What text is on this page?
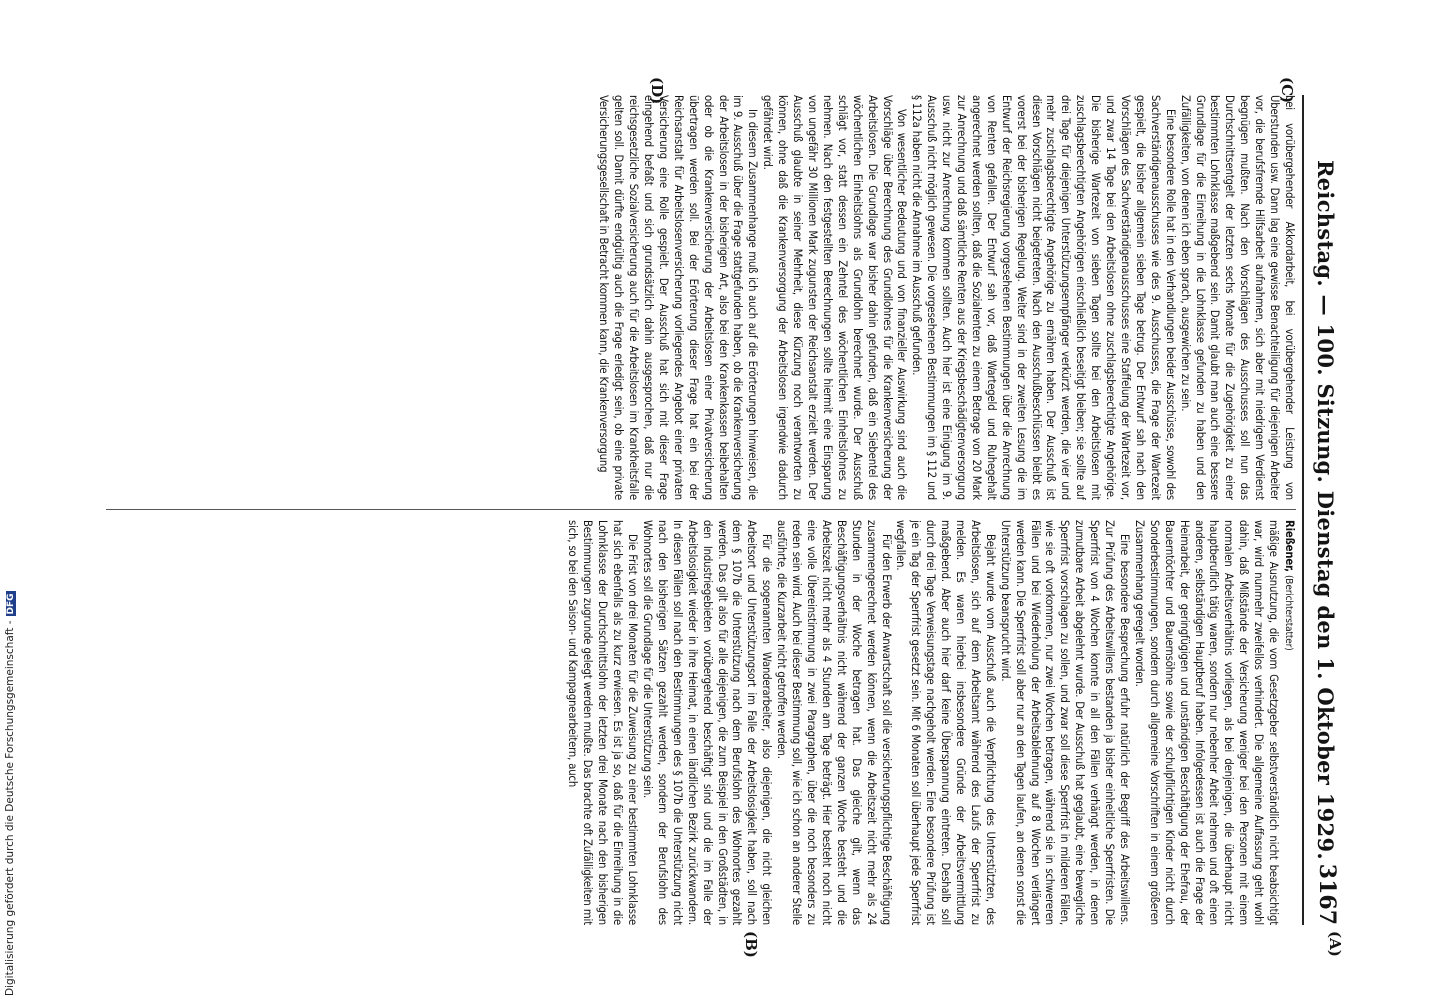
Reichstag. — 100. Sitzung. Dienstag den 1. Oktober 1929.
3167
(C)
(D)
(A)
(B)

bei vorübergehender Akkordarbeit, bei vorübergehender Leistung von Überstunden usw. Dann lag eine gewisse Benachteiligung für diejenigen Arbeiter vor, die berufsfremde Hilfsarbeit aufnahmen, sich aber mit niedrigem Verdienst begnügen mußten. Nach den Vorschlägen des Ausschusses soll nun das Durchschnittsentgelt der letzten sechs Monate für die Zugehörigkeit zu einer bestimmten Lohnklasse maßgebend sein. Damit glaubt man auch eine bessere Grundlage für die Einreihung in die Lohnklasse gefunden zu haben und den Zufälligkeiten, von denen ich eben sprach, ausgewichen zu sein.

Eine besondere Rolle hat in den Verhandlungen beider Ausschüsse, sowohl des Sachverständigenausschusses wie des 9. Ausschusses, die Frage der Wartezeit gespielt, die bisher allgemein sieben Tage betrug. Der Entwurf sah nach den Vorschlägen des Sachverständigenausschusses eine Staffelung der Wartezeit vor, und zwar 14 Tage bei den Arbeitslosen ohne zuschlagsberechtigte Angehörige. Die bisherige Wartezeit von sieben Tagen sollte bei den Arbeitslosen mit zuschlagsberechtigten Angehörigen einschließlich beseitigt bleiben; sie sollte auf drei Tage für diejenigen Unterstützungsempfänger verkürzt werden, die vier und mehr zuschlagsberechtigte Angehörige zu ernähren haben. Der Ausschuß ist diesen Vorschlägen nicht beigetreten. Nach den Ausschußbeschlüssen bleibt es vorerst bei der bisherigen Regelung. Weiter sind in der zweiten Lesung die im Entwurf der Reichsregierung vorgesehenen Bestimmungen über die Anrechnung von Renten gefallen. Der Entwurf sah vor, daß Wartegeld und Ruhegehalt angerechnet werden sollten, daß die Sozialrenten zu einem Betrage von 20 Mark zur Anrechnung und daß sämtliche Renten aus der Kriegsbeschädigtenversorgung usw. nicht zur Anrechnung kommen sollten. Auch hier ist eine Einigung im 9. Ausschuß nicht möglich gewesen. Die vorgesehenen Bestimmungen im § 112 und § 112a haben nicht die Annahme im Ausschuß gefunden.

Von wesentlicher Bedeutung und von finanzieller Auswirkung sind auch die Vorschläge über Berechnung des Grundlohnes für die Krankenversicherung der Arbeitslosen. Die Grundlage war bisher dahin gefunden, daß ein Siebentel des wöchentlichen Einheitslohns als Grundlohn berechnet wurde. Der Ausschuß schlägt vor, statt dessen ein Zehntel des wöchentlichen Einheitslohnes zu nehmen. Nach den festgestellten Berechnungen sollte hiermit eine Einsparung von ungefähr 30 Millionen Mark zugunsten der Reichsanstalt erzielt werden. Der Ausschuß glaubte in seiner Mehrheit, diese Kürzung noch verantworten zu können, ohne daß die Krankenversorgung der Arbeitslosen irgendwie dadurch gefährdet wird.

In diesem Zusammenhange muß ich auch auf die Erörterungen hinweisen, die im 9. Ausschuß über die Frage stattgefunden haben, ob die Krankenversicherung der Arbeitslosen in der bisherigen Art, also bei den Krankenkassen beibehalten oder ob die Krankenversicherung der Arbeitslosen einer Privatversicherung übertragen werden soll. Bei der Erörterung dieser Frage hat ein bei der Reichsanstalt für Arbeitslosenversicherung vorliegendes Angebot einer privaten Versicherung eine Rolle gespielt. Der Ausschuß hat sich mit dieser Frage eingehend befaßt und sich grundsätzlich dahin ausgesprochen, daß nur die reichsgesetzliche Sozialversicherung auch für die Arbeitslosen im Krankheitsfalle gelten soll. Damit dürfte endgültig auch die Frage erledigt sein, ob eine private Versicherungsgesellschaft in Betracht kommen kann, die Krankenversorgung

Rießener, (Berichterstatter)

mäßige Ausnutzung, die vom Gesetzgeber selbstverständlich nicht beabsichtigt war, wird nunmehr zweifellos verhindert. Die allgemeine Auffassung geht wohl dahin, daß Mißstände der Versicherung weniger bei den Personen mit einem normalen Arbeitsverhältnis vorliegen, als bei denjenigen, die überhaupt nicht hauptberuflich tätig waren, sondern nur nebenher Arbeit nehmen und oft einen anderen, selbständigen Hauptberuf haben. Infolgedessen ist auch die Frage der Heimarbeit, der geringfügigen und unständigen Beschäftigung der Ehefrau, der Bauerntöchter und Bauernsöhne sowie der schulpflichtigen Kinder nicht durch Sonderbestimmungen, sondern durch allgemeine Vorschriften in einem größeren Zusammenhang geregelt worden.

Eine besondere Besprechung erfuhr natürlich der Begriff des Arbeitswillens. Zur Prüfung des Arbeitswillens bestanden ja bisher einheitliche Sperrfristen. Die Sperrfrist von 4 Wochen konnte in all den Fällen verhängt werden, in denen zumutbare Arbeit abgelehnt wurde. Der Ausschuß hat geglaubt, eine bewegliche Sperrfrist vorschlagen zu sollen, und zwar soll diese Sperrfrist in milderen Fällen, wie sie oft vorkommen, nur zwei Wochen betragen, während sie in schwereren Fällen und bei Wiederholung der Arbeitsablehnung auf 8 Wochen verlängert werden kann. Die Sperrfrist soll aber nur an den Tagen laufen, an denen sonst die Unterstützung beansprucht wird.

Bejaht wurde vom Ausschuß auch die Verpflichtung des Unterstützten, des Arbeitslosen, sich auf dem Arbeitsamt während des Laufs der Sperrfrist zu melden. Es waren hierbei insbesondere Gründe der Arbeitsvermittlung maßgebend. Aber auch hier darf keine Überspannung eintreten. Deshalb soll durch drei Tage Verweisungstage nachgeholt werden. Eine besondere Prüfung ist je ein Tag der Sperrfrist gesetzt sein. Mit 6 Monaten soll überhaupt jede Sperrfrist wegfallen.

Für den Erwerb der Anwartschaft soll die versicherungspflichtige Beschäftigung zusammengerechnet werden können, wenn die Arbeitszeit nicht mehr als 24 Stunden in der Woche betragen hat. Das gleiche gilt, wenn das Beschäftigungsverhältnis nicht während der ganzen Woche besteht und die Arbeitszeit nicht mehr als 4 Stunden am Tage beträgt. Hier besteht noch nicht eine volle Übereinstimmung in zwei Paragraphen, über die noch besonders zu reden sein wird. Auch bei dieser Bestimmung soll, wie ich schon an anderer Stelle ausführte, die Kurzarbeit nicht getroffen werden.

Für die sogenannten Wanderarbeiter, also diejenigen, die nicht gleichen Arbeitsort und Unterstützungsort im Falle der Arbeitslosigkeit haben, soll nach dem § 107b die Unterstützung nach dem Berufslohn des Wohnortes gezahlt werden. Das gilt also für alle diejenigen, die zum Beispiel in den Großstädten, in den Industriegebieten vorübergehend beschäftigt sind und die im Falle der Arbeitslosigkeit wieder in ihre Heimat, in einen ländlichen Bezirk zurückwandern. In diesen Fällen soll nach den Bestimmungen des § 107b die Unterstützung nicht nach den bisherigen Sätzen gezahlt werden, sondern der Berufslohn des Wohnortes soll die Grundlage für die Unterstützung sein.

Die Frist von drei Monaten für die Zuweisung zu einer bestimmten Lohnklasse hat sich ebenfalls als zu kurz erwiesen. Es ist ja so, daß für die Einreihung in die Lohnklasse der Durchschnittslohn der letzten drei Monate nach den bisherigen Bestimmungen zugrunde gelegt werden mußte. Das brachte oft Zufälligkeiten mit sich, so bei den Saison- und Kampagnearbeitern, auch

Digitalisierung gefördert durch die Deutsche Forschungsgemeinschaft -DFG
